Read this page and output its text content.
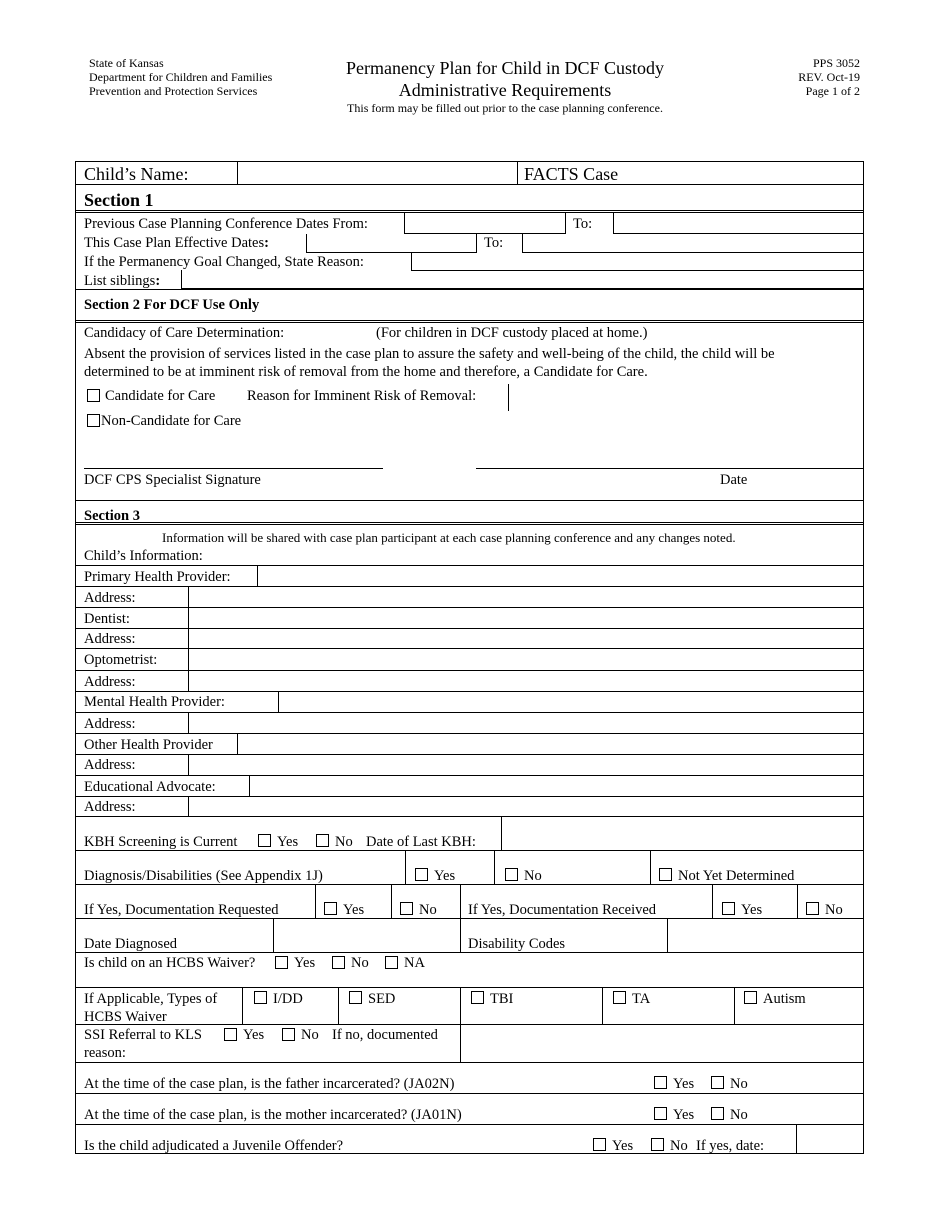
State of Kansas
Department for Children and Families
Prevention and Protection Services
Permanency Plan for Child in DCF Custody
Administrative Requirements
This form may be filled out prior to the case planning conference.
PPS 3052
REV. Oct-19
Page 1 of 2
Child’s Name:	FACTS Case
Section 1
Previous Case Planning Conference Dates From:	To:
This Case Plan Effective Dates:	To:
If the Permanency Goal Changed, State Reason:
List siblings:
Section 2 For DCF Use Only
Candidacy of Care Determination:	(For children in DCF custody placed at home.)
Absent the provision of services listed in the case plan to assure the safety and well-being of the child, the child will be
determined to be at imminent risk of removal from the home and therefore, a Candidate for Care.
Candidate for Care Reason for Imminent Risk of Removal:
Non-Candidate for Care
DCF CPS Specialist Signature	Date
Section 3
Information will be shared with case plan participant at each case planning conference and any changes noted.
Child’s Information:
Primary Health Provider:
Address:
Dentist:
Address:
Optometrist:
Address:
Mental Health Provider:
Address:
Other Health Provider
Address:
Educational Advocate:
Address:
KBH Screening is Current	Yes	No Date of Last KBH:
Diagnosis/Disabilities (See Appendix 1J)	Yes	No	Not Yet Determined
If Yes, Documentation Requested	Yes	No If Yes, Documentation Received	Yes	No
Date Diagnosed	Disability Codes
Is child on an HCBS Waiver?	Yes No NA
If Applicable, Types of
HCBS Waiver
I/DD	SED	TBI	TA	Autism
SSI Referral to KLS	Yes	No If no, documented
reason:
At the time of the case plan, is the father incarcerated? (JA02N)	Yes No
At the time of the case plan, is the mother incarcerated? (JA01N)	Yes No
Is the child adjudicated a Juvenile Offender?	Yes	No If yes, date:
